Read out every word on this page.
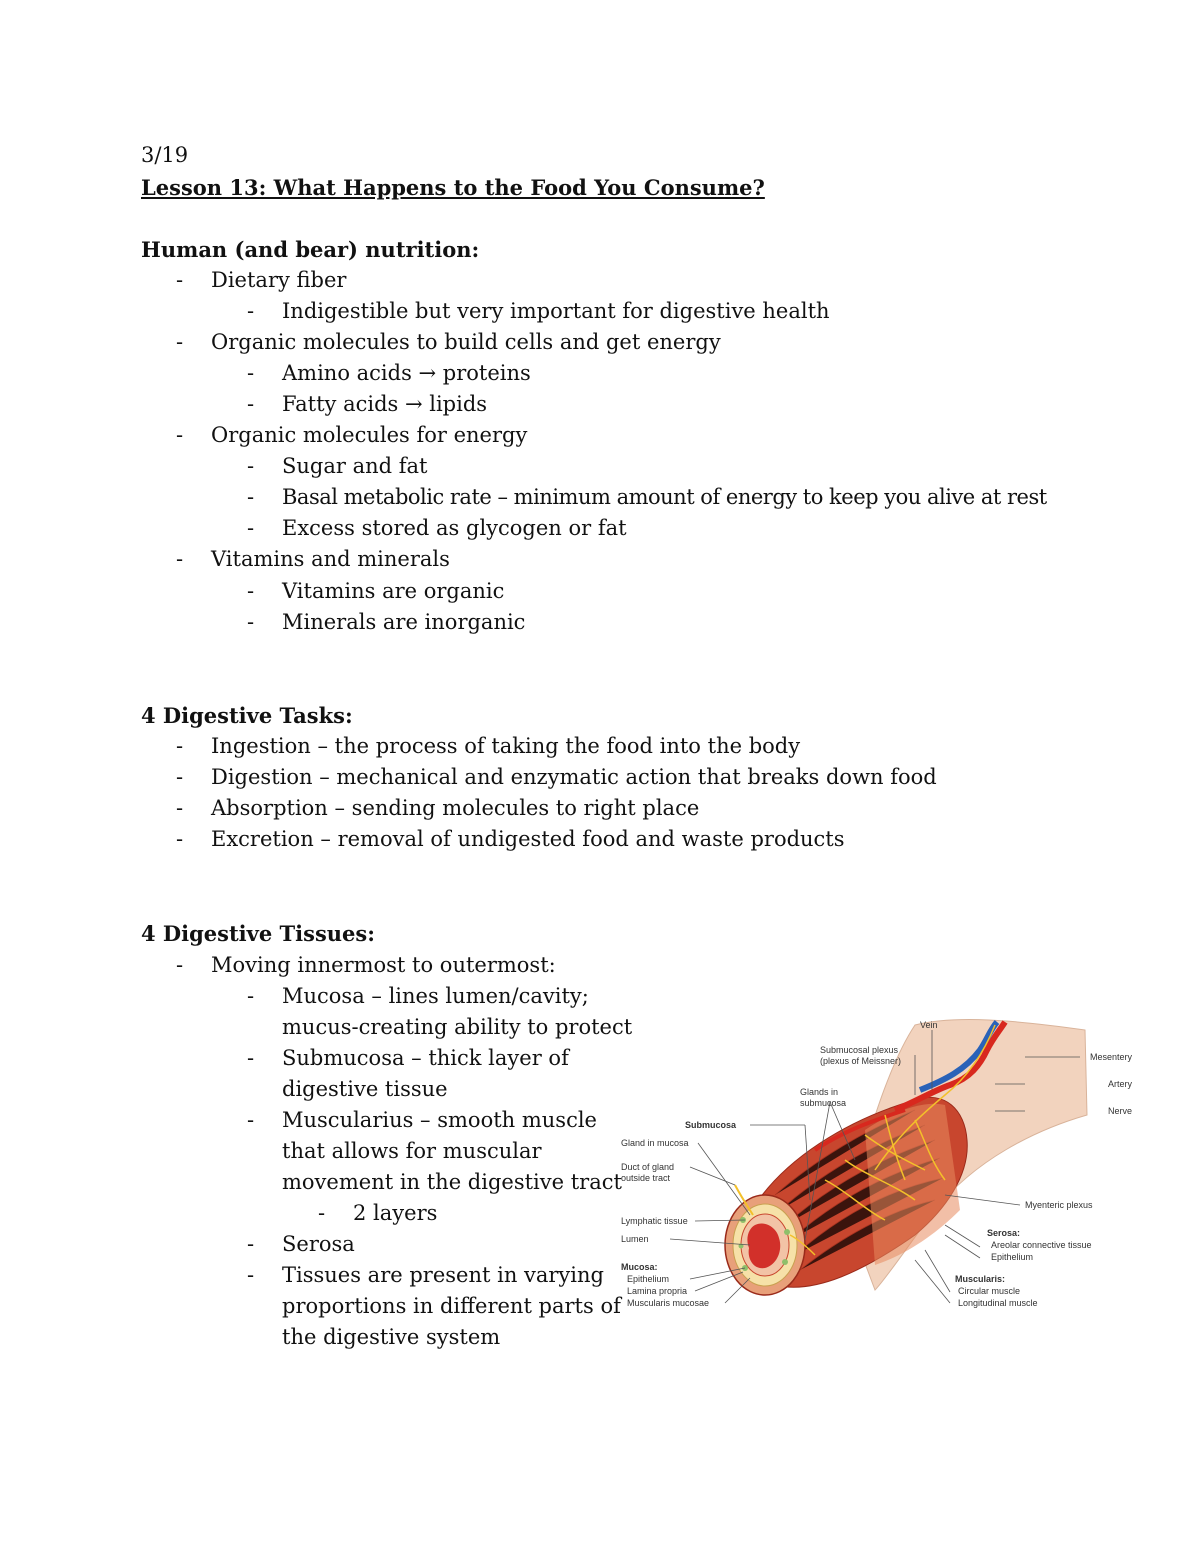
3/19
Lesson 13: What Happens to the Food You Consume?
Human (and bear) nutrition:
- Dietary fiber
- Indigestible but very important for digestive health
- Organic molecules to build cells and get energy
- Amino acids → proteins
- Fatty acids → lipids
- Organic molecules for energy
- Sugar and fat
- Basal metabolic rate – minimum amount of energy to keep you alive at rest
- Excess stored as glycogen or fat
- Vitamins and minerals
- Vitamins are organic
- Minerals are inorganic
4 Digestive Tasks:
- Ingestion – the process of taking the food into the body
- Digestion – mechanical and enzymatic action that breaks down food
- Absorption – sending molecules to right place
- Excretion – removal of undigested food and waste products
4 Digestive Tissues:
- Moving innermost to outermost:
- Mucosa – lines lumen/cavity;
mucus-creating ability to protect
- Submucosa – thick layer of
digestive tissue
- Muscularius – smooth muscle
that allows for muscular
movement in the digestive tract
- 2 layers
- Serosa
- Tissues are present in varying
proportions in different parts of
the digestive system
Vein
Submucosal plexus
(plexus of Meissner)
Glands in
submucosa
Submucosa
Gland in mucosa
Duct of gland
outside tract
Lymphatic tissue
Lumen
Mucosa:
Epithelium
Lamina propria
Muscularis mucosae
Mesentery
Artery
Nerve
Myenteric plexus
Serosa:
Areolar connective tissue
Epithelium
Muscularis:
Circular muscle
Longitudinal muscle
